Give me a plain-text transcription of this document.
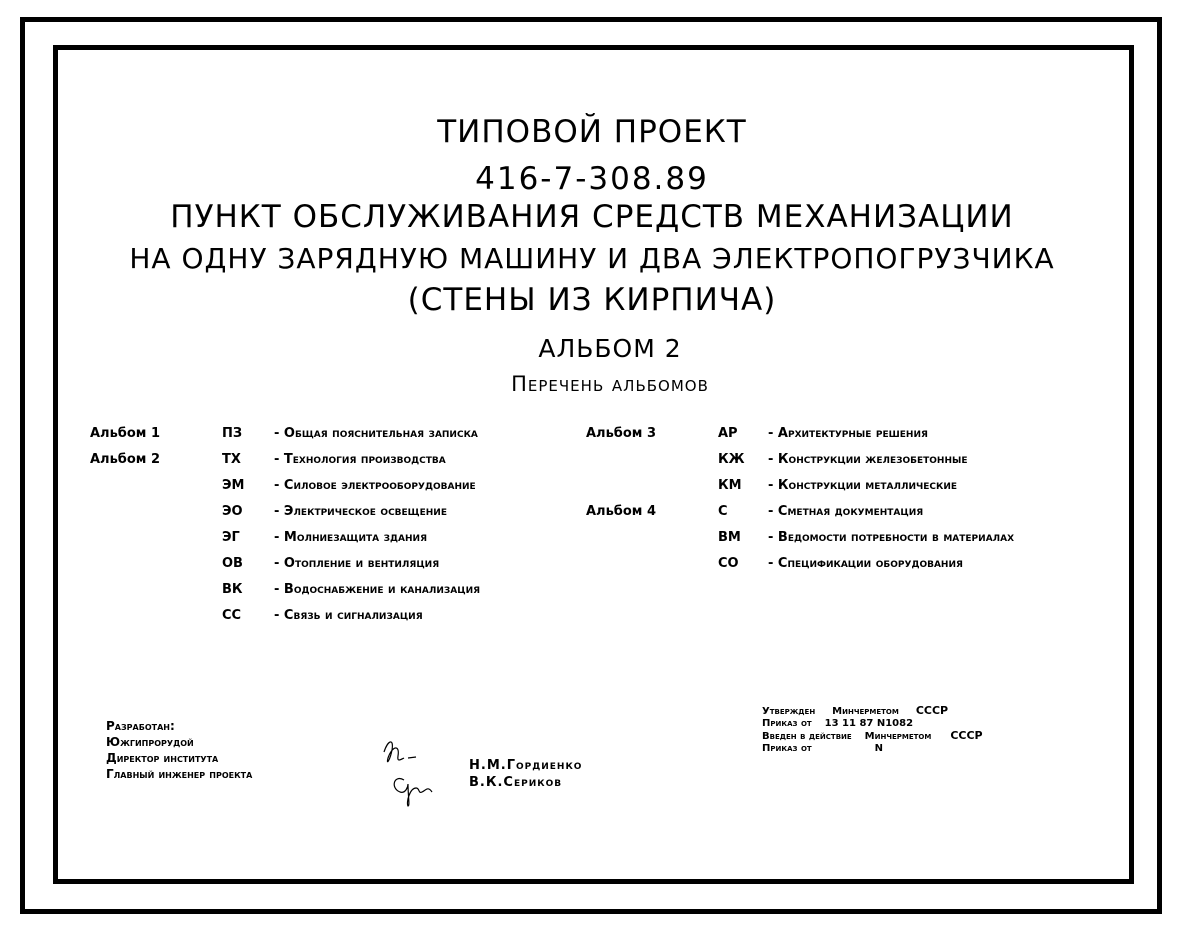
ТИПОВОЙ ПРОЕКТ
416-7-308.89
ПУНКТ ОБСЛУЖИВАНИЯ СРЕДСТВ МЕХАНИЗАЦИИ
НА ОДНУ ЗАРЯДНУЮ МАШИНУ И ДВА ЭЛЕКТРОПОГРУЗЧИКА
(СТЕНЫ ИЗ КИРПИЧА)
АЛЬБОМ 2
Перечень альбомов
Альбом 1
Альбом 2
ПЗ
ТХ
ЭМ
ЭО
ЭГ
ОВ
ВК
СС
- Общая пояснительная записка
- Технология производства
- Силовое электрооборудование
- Электрическое освещение
- Молниезащита здания
- Отопление и вентиляция
- Водоснабжение и канализация
- Связь и сигнализация
Альбом 3
Альбом 4
АР
КЖ
КМ
С
ВМ
СО
- Архитектурные решения
- Конструкции железобетонные
- Конструкции металлические
- Сметная документация
- Ведомости потребности в материалах
- Спецификации оборудования
Разработан:
Южгипрорудой
Директор института
Главный инженер проекта
Н.М.Гордиенко
В.К.Сериков
Утвержден Минчерметом СССР
Приказ от 13 11 87 N1082
Введен в действие Минчерметом СССР
Приказ от	N
